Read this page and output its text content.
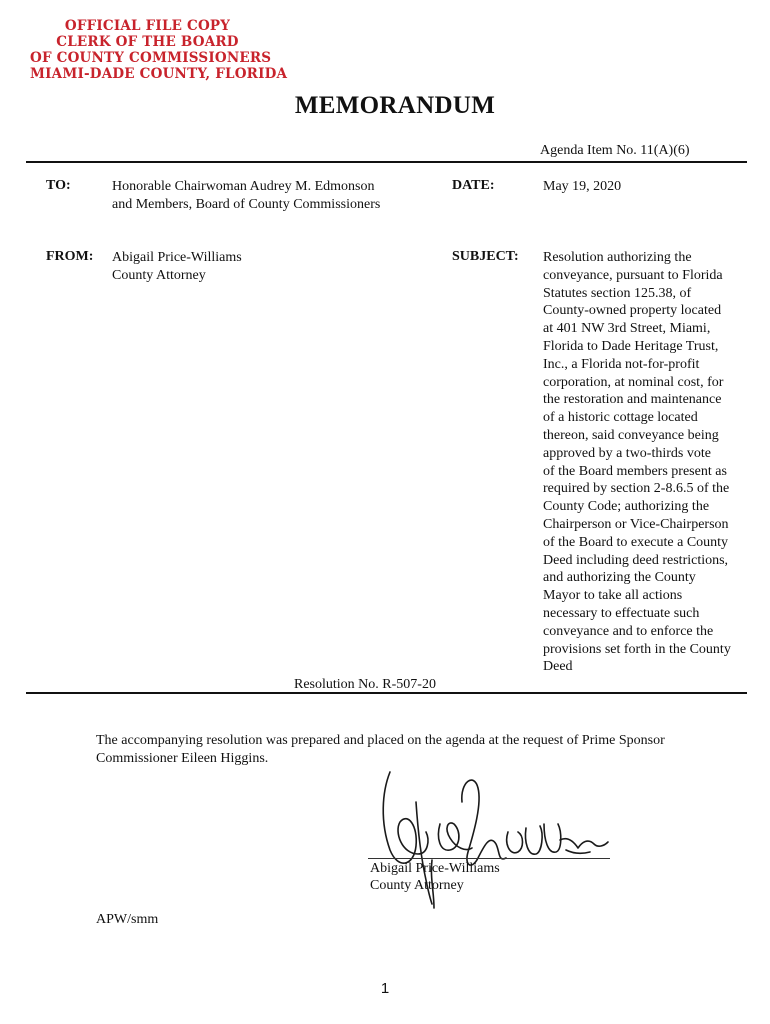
OFFICIAL FILE COPY
CLERK OF THE BOARD
OF COUNTY COMMISSIONERS
MIAMI-DADE COUNTY, FLORIDA
MEMORANDUM
Agenda Item No. 11(A)(6)
TO:	Honorable Chairwoman Audrey M. Edmonson
and Members, Board of County Commissioners
DATE:	May 19, 2020
FROM: Abigail Price-Williams
County Attorney
SUBJECT: Resolution authorizing the
conveyance, pursuant to Florida
Statutes section 125.38, of
County-owned property located
at 401 NW 3rd Street, Miami,
Florida to Dade Heritage Trust,
Inc., a Florida not-for-profit
corporation, at nominal cost, for
the restoration and maintenance
of a historic cottage located
thereon, said conveyance being
approved by a two-thirds vote
of the Board members present as
required by section 2-8.6.5 of the
County Code; authorizing the
Chairperson or Vice-Chairperson
of the Board to execute a County
Deed including deed restrictions,
and authorizing the County
Mayor to take all actions
necessary to effectuate such
conveyance and to enforce the
provisions set forth in the County
Deed
Resolution No. R-507-20
The accompanying resolution was prepared and placed on the agenda at the request of Prime Sponsor
Commissioner Eileen Higgins.
Abigail Price-Williams
County Attorney
APW/smm
1
